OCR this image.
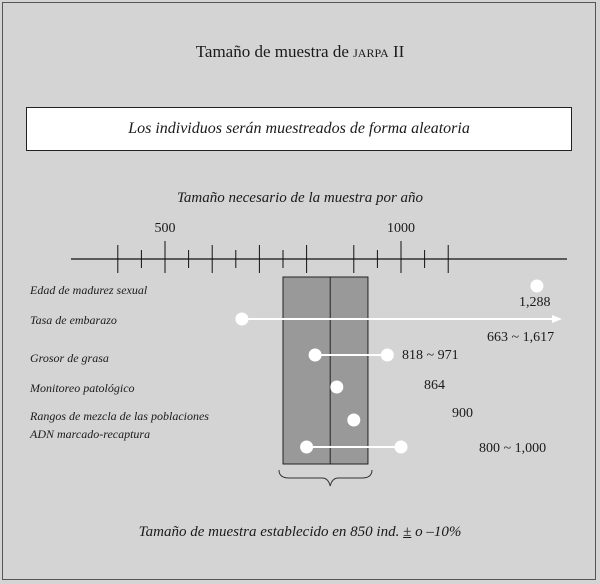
Tamaño de muestra de jarpa II
Los individuos serán muestreados de forma aleatoria
Tamaño necesario de la muestra por año
500	1000
Edad de madurez sexual
Tasa de embarazo
Grosor de grasa
Monitoreo patológico
Rangos de mezcla de las poblaciones
ADN marcado-recaptura
1,288
663 ~ 1,617
818 ~ 971
864
900
800 ~ 1,000
Tamaño de muestra establecido en 850 ind. ± o –10%
